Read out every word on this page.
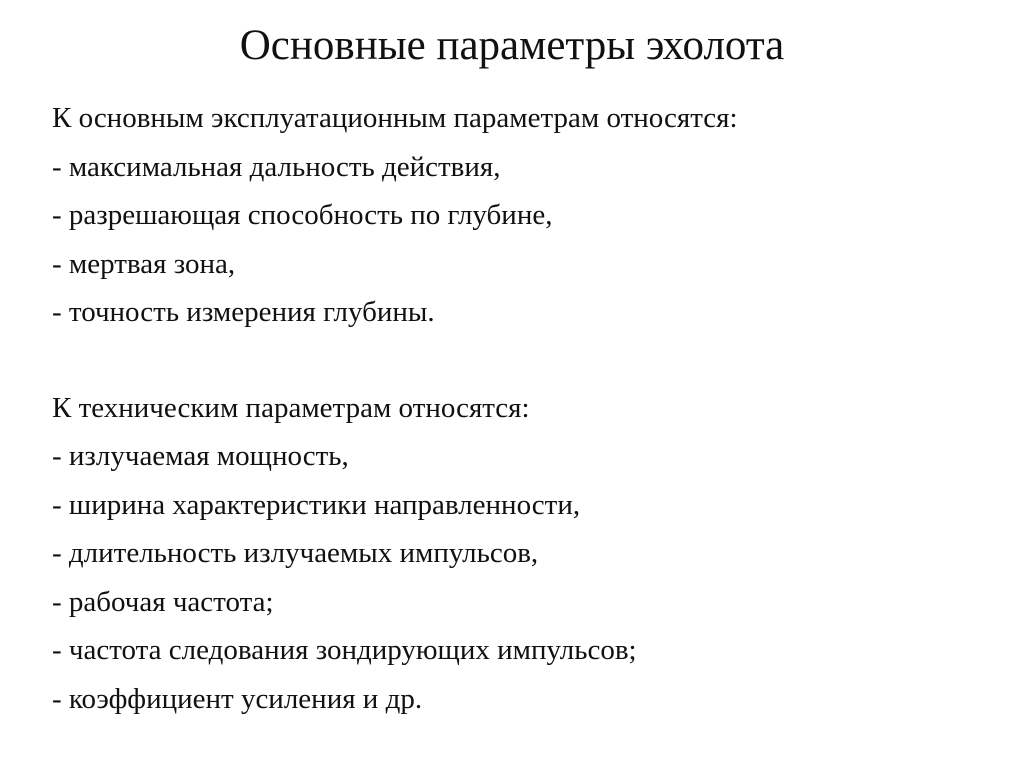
Основные параметры эхолота
К основным эксплуатационным параметрам относятся:
- максимальная дальность действия,
- разрешающая способность по глубине,
- мертвая зона,
- точность измерения глубины.
К техническим параметрам относятся:
- излучаемая мощность,
- ширина характеристики направленности,
- длительность излучаемых импульсов,
- рабочая частота;
- частота следования зондирующих импульсов;
- коэффициент усиления и др.
